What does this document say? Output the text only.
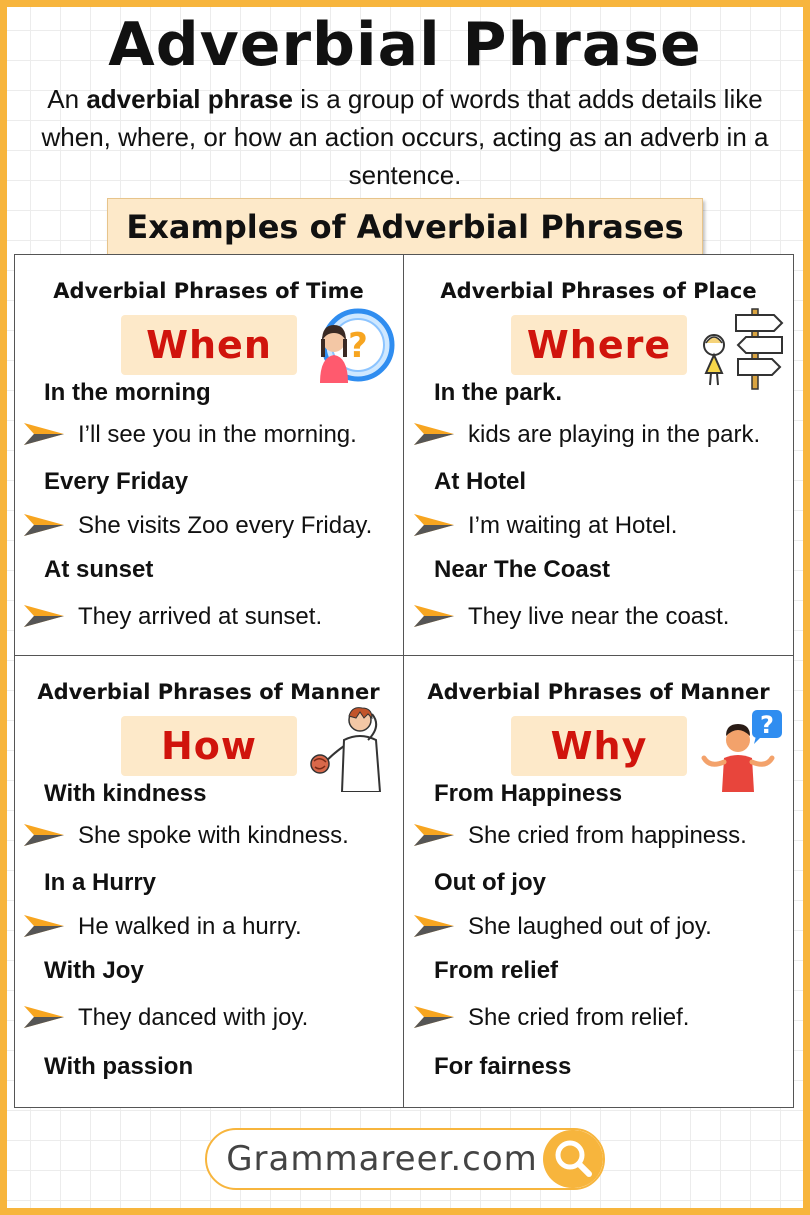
Adverbial Phrase

An adverbial phrase is a group of words that adds details like when, where, or how an action occurs, acting as an adverb in a sentence.

Examples of Adverbial Phrases
Adverbial Phrases of Time
When	?
In the morning
I’ll see you in the morning.
Every Friday
She visits Zoo every Friday.
At sunset
They arrived at sunset.
Adverbial Phrases of Place
Where
In the park.
kids are playing in the park.
At Hotel
I’m waiting at Hotel.
Near The Coast
They live near the coast.
Adverbial Phrases of Manner
How
With kindness
She spoke with kindness.
In a Hurry
He walked in a hurry.
With Joy
They danced with joy.
With passion
Adverbial Phrases of Manner
Why	?
From Happiness
She cried from happiness.
Out of joy
She laughed out of joy.
From relief
She cried from relief.
For fairness
Grammareer.com
